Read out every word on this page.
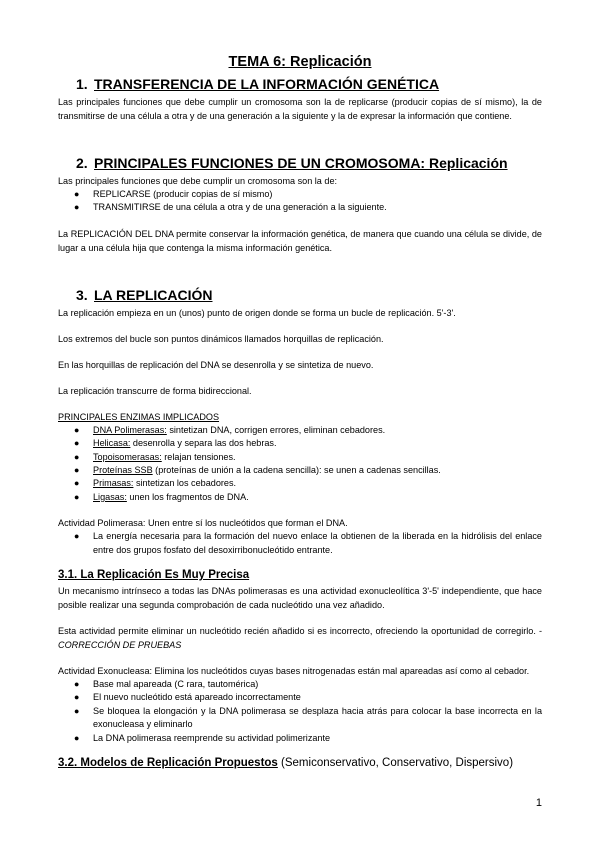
TEMA 6: Replicación
1. TRANSFERENCIA DE LA INFORMACIÓN GENÉTICA

Las principales funciones que debe cumplir un cromosoma son la de replicarse (producir copias de sí mismo), la de transmitirse de una célula a otra y de una generación a la siguiente y la de expresar la información que contiene.

2. PRINCIPALES FUNCIONES DE UN CROMOSOMA: Replicación

Las principales funciones que debe cumplir un cromosoma son la de:

● REPLICARSE (producir copias de sí mismo)
● TRANSMITIRSE de una célula a otra y de una generación a la siguiente.

La REPLICACIÓN DEL DNA permite conservar la información genética, de manera que cuando una célula se divide, de lugar a una célula hija que contenga la misma información genética.

3. LA REPLICACIÓN

La replicación empieza en un (unos) punto de origen donde se forma un bucle de replicación. 5'-3'.

Los extremos del bucle son puntos dinámicos llamados horquillas de replicación.

En las horquillas de replicación del DNA se desenrolla y se sintetiza de nuevo.

La replicación transcurre de forma bidireccional.

PRINCIPALES ENZIMAS IMPLICADOS

● DNA Polimerasas: sintetizan DNA, corrigen errores, eliminan cebadores.
● Helicasa: desenrolla y separa las dos hebras.
● Topoisomerasas: relajan tensiones.
● Proteínas SSB (proteínas de unión a la cadena sencilla): se unen a cadenas sencillas.
● Primasas: sintetizan los cebadores.
● Ligasas: unen los fragmentos de DNA.

Actividad Polimerasa: Unen entre sí los nucleótidos que forman el DNA.

● La energía necesaria para la formación del nuevo enlace la obtienen de la liberada en la hidrólisis del enlace entre dos grupos fosfato del desoxirribonucleótido entrante.
3.1. La Replicación Es Muy Precisa

Un mecanismo intrínseco a todas las DNAs polimerasas es una actividad exonucleolítica 3'-5' independiente, que hace posible realizar una segunda comprobación de cada nucleótido una vez añadido.

Esta actividad permite eliminar un nucleótido recién añadido si es incorrecto, ofreciendo la oportunidad de corregirlo. - CORRECCIÓN DE PRUEBAS

Actividad Exonucleasa: Elimina los nucleótidos cuyas bases nitrogenadas están mal apareadas así como al cebador.

● Base mal apareada (C rara, tautomérica)
● El nuevo nucleótido está apareado incorrectamente
● Se bloquea la elongación y la DNA polimerasa se desplaza hacia atrás para colocar la base incorrecta en la exonucleasa y eliminarlo
● La DNA polimerasa reemprende su actividad polimerizante
3.2. Modelos de Replicación Propuestos (Semiconservativo, Conservativo, Dispersivo)
1
